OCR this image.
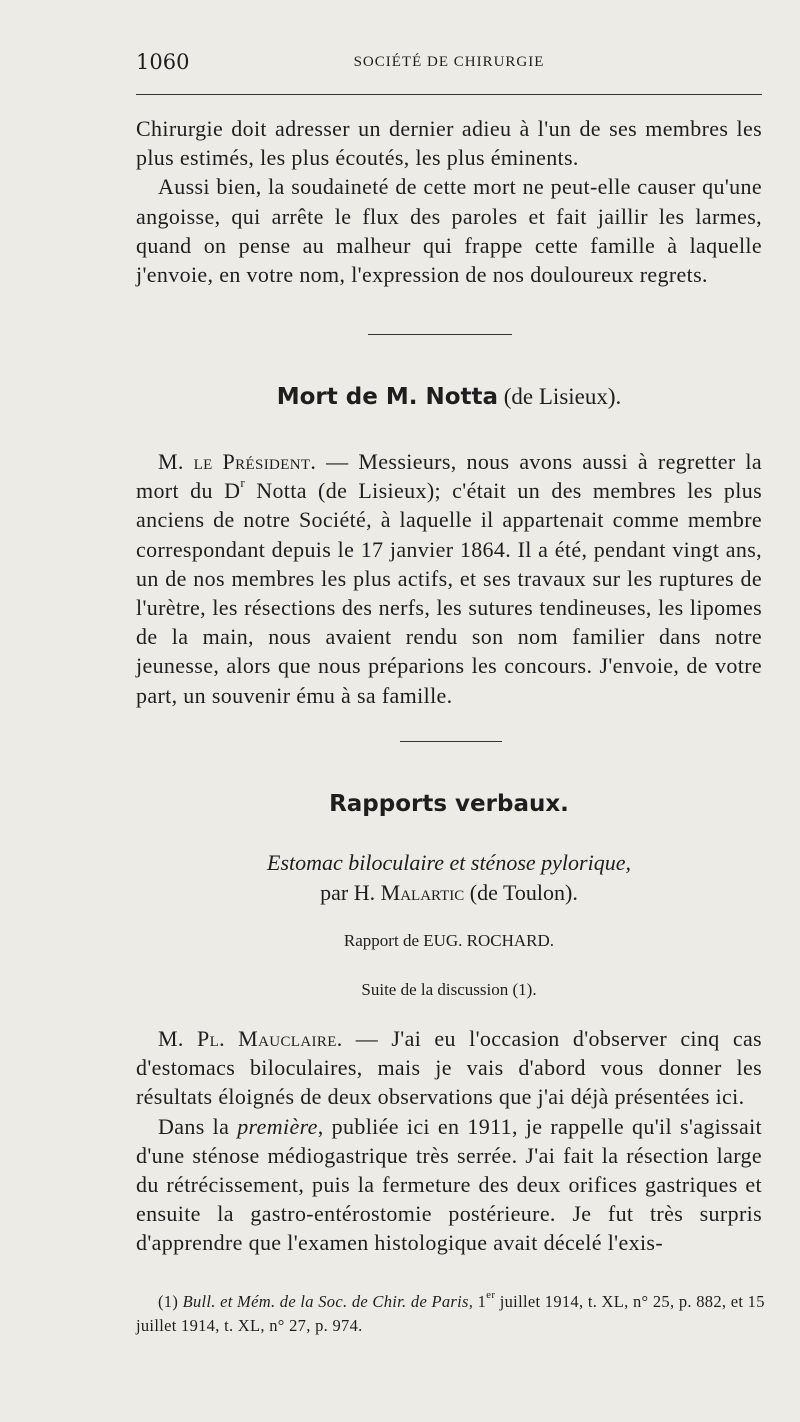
1060	SOCIÉTÉ DE CHIRURGIE

Chirurgie doit adresser un dernier adieu à l'un de ses membres les plus estimés, les plus écoutés, les plus éminents.

Aussi bien, la soudaineté de cette mort ne peut-elle causer qu'une angoisse, qui arrête le flux des paroles et fait jaillir les larmes, quand on pense au malheur qui frappe cette famille à laquelle j'envoie, en votre nom, l'expression de nos douloureux regrets.

Mort de M. Notta (de Lisieux).

M. le Président. — Messieurs, nous avons aussi à regretter la mort du $D^r$ Notta (de Lisieux); c'était un des membres les plus anciens de notre Société, à laquelle il appartenait comme membre correspondant depuis le 17 janvier 1864. Il a été, pendant vingt ans, un de nos membres les plus actifs, et ses travaux sur les ruptures de l'urètre, les résections des nerfs, les sutures tendineuses, les lipomes de la main, nous avaient rendu son nom familier dans notre jeunesse, alors que nous préparions les concours. J'envoie, de votre part, un souvenir ému à sa famille.

Rapports verbaux.
Estomac biloculaire et sténose pylorique,
par H. Malartic (de Toulon).
Rapport de EUG. ROCHARD.
Suite de la discussion (1).

M. Pl. Mauclaire. — J'ai eu l'occasion d'observer cinq cas d'estomacs biloculaires, mais je vais d'abord vous donner les résultats éloignés de deux observations que j'ai déjà présentées ici.

Dans la première, publiée ici en 1911, je rappelle qu'il s'agissait d'une sténose médiogastrique très serrée. J'ai fait la résection large du rétrécissement, puis la fermeture des deux orifices gastriques et ensuite la gastro-entérostomie postérieure. Je fut très surpris d'apprendre que l'examen histologique avait décelé l'exis-

(1) Bull. et Mém. de la Soc. de Chir. de Paris, 1er juillet 1914, t. XL, n° 25, p. 882, et 15 juillet 1914, t. XL, n° 27, p. 974.
